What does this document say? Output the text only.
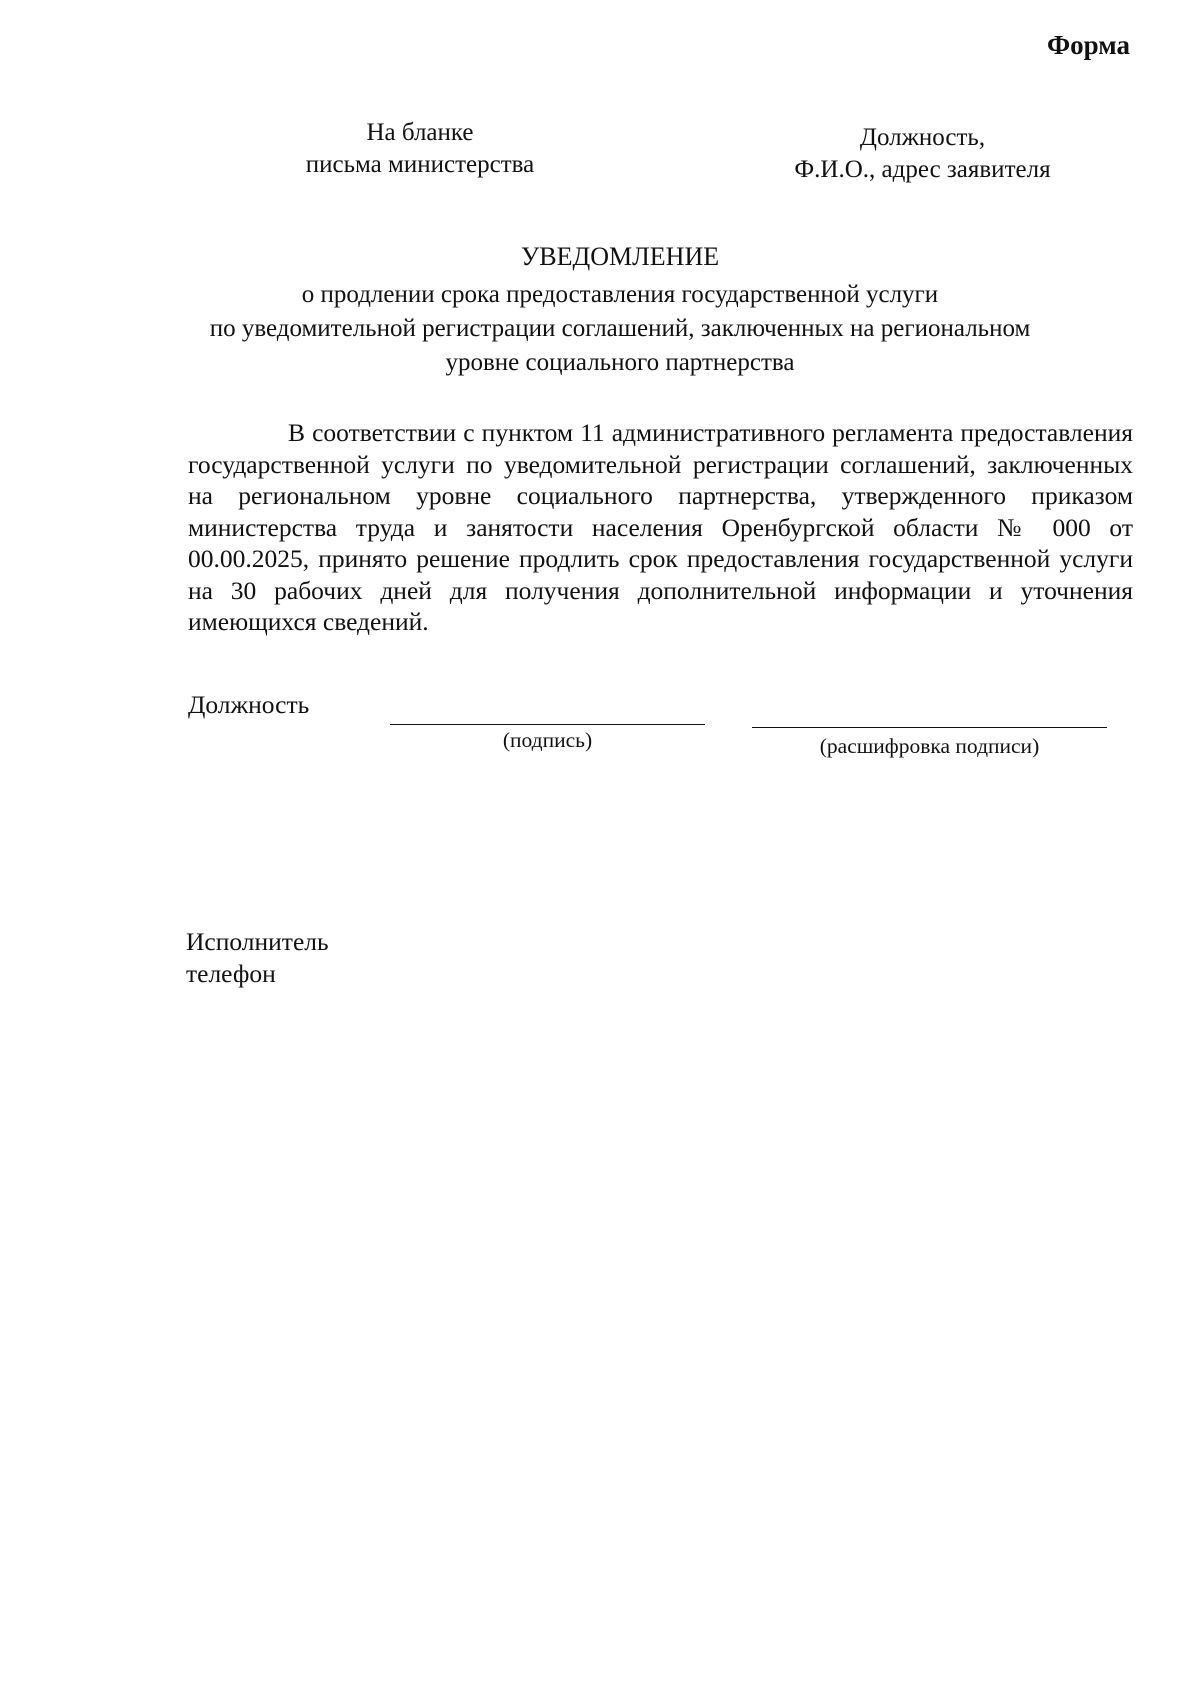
Форма
На бланке
письма министерства
Должность,
Ф.И.О., адрес заявителя
УВЕДОМЛЕНИЕ
о продлении срока предоставления государственной услуги
по уведомительной регистрации соглашений, заключенных на региональном
уровне социального партнерства
В соответствии с пунктом 11 административного регламента предоставления государственной услуги по уведомительной регистрации соглашений, заключенных на региональном уровне социального партнерства, утвержденного приказом министерства труда и занятости населения Оренбургской области № 000 от 00.00.2025, принято решение продлить срок предоставления государственной услуги на 30 рабочих дней для получения дополнительной информации и уточнения имеющихся сведений.
Должность
(подпись)	(расшифровка подписи)
Исполнитель
телефон
